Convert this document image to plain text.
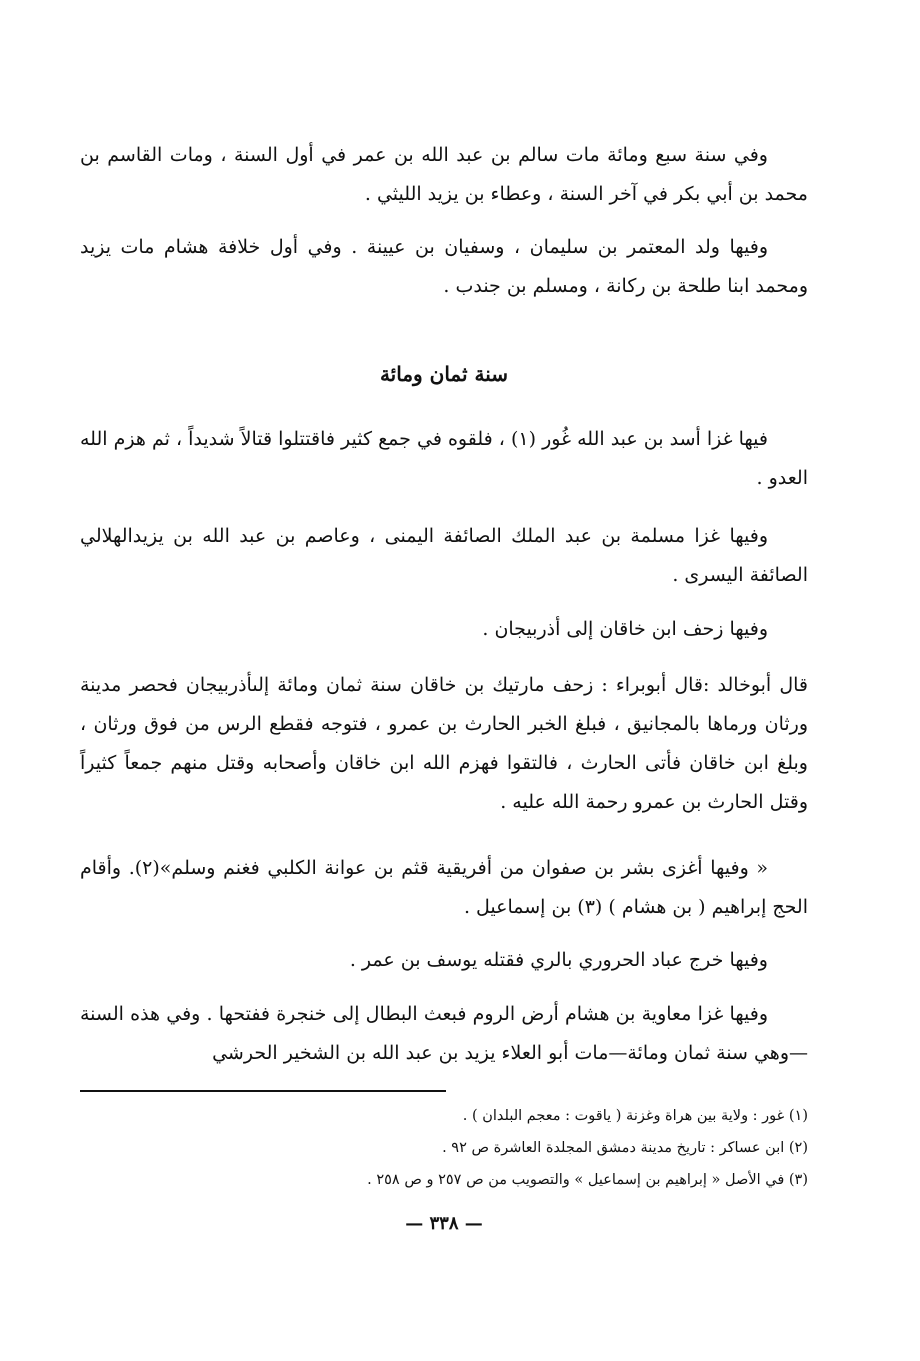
وفي سنة سبع ومائة مات سالم بن عبد الله بن عمر في أول السنة ، ومات القاسم بن محمد بن أبي بكر في آخر السنة ، وعطاء بن يزيد الليثي .

وفيها ولد المعتمر بن سليمان ، وسفيان بن عيينة . وفي أول خلافة هشام مات يزيد ومحمد ابنا طلحة بن ركانة ، ومسلم بن جندب .

سنة ثمان ومائة

فيها غزا أسد بن عبد الله غُور (١) ، فلقوه في جمع كثير فاقتتلوا قتالاً شديداً ، ثم هزم الله العدو .

وفيها غزا مسلمة بن عبد الملك الصائفة اليمنى ، وعاصم بن عبد الله بن يزيدالهلالي الصائفة اليسرى .

وفيها زحف ابن خاقان إلى أذربيجان .

قال أبوخالد :قال أبوبراء : زحف مارتيك بن خاقان سنة ثمان ومائة إلىأذربيجان فحصر مدينة ورثان ورماها بالمجانيق ، فبلغ الخبر الحارث بن عمرو ، فتوجه فقطع الرس من فوق ورثان ، وبلغ ابن خاقان فأتى الحارث ، فالتقوا فهزم الله ابن خاقان وأصحابه وقتل منهم جمعاً كثيراً وقتل الحارث بن عمرو رحمة الله عليه .

« وفيها أغزى بشر بن صفوان من أفريقية قثم بن عوانة الكلبي فغنم وسلم»(٢). وأقام الحج إبراهيم ( بن هشام ) (٣) بن إسماعيل .

وفيها خرج عباد الحروري بالري فقتله يوسف بن عمر .

وفيها غزا معاوية بن هشام أرض الروم فبعث البطال إلى خنجرة ففتحها . وفي هذه السنة —وهي سنة ثمان ومائة—مات أبو العلاء يزيد بن عبد الله بن الشخير الحرشي

(١) غور : ولاية بين هراة وغزنة ( ياقوت : معجم البلدان ) .
(٢) ابن عساكر : تاريخ مدينة دمشق المجلدة العاشرة ص ٩٢ .
(٣) في الأصل « إبراهيم بن إسماعيل » والتصويب من ص ٢٥٧ و ص ٢٥٨ .
— ٣٣٨ —
